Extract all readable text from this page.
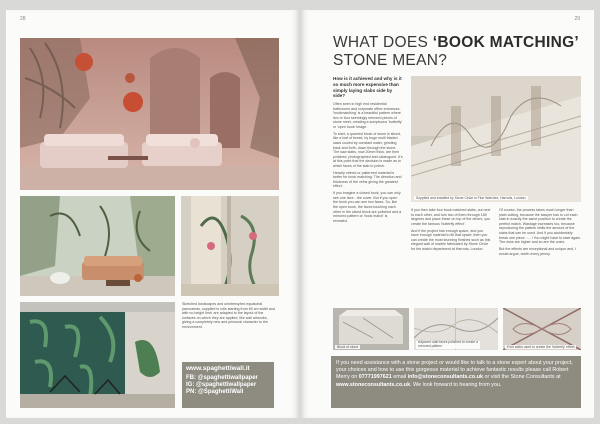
28
Sketched landscapes and uninterrupted equatorial panoramas, supplied in rolls starting from 60 cm width and with no height limit, are adapted to the layout of the surfaces on which they are applied, like wall artworks, giving a completely new and personal character to the environment.
www.spaghettiwall.it
FB: @spaghettiwallpaper
IG: @spaghettiwallpaper
PN: @SpaghettiWall
29
WHAT DOES ‘BOOK MATCHING’
STONE MEAN?
How is it achieved and why is it so much more expensive than simply laying slabs side by side?

Often seen in high end residential bathrooms and corporate office entrances, 'bookmatching' is a beautiful pattern where two or four seemingly mirrored pieces of stone meet, creating a sumptuous 'butterfly' or 'open book' image.

To start, a quarried block of stone is sliced, like a loaf of bread, by huge multi bladed saws cooled by constant water, grinding back and forth, down through the stone. The saw slabs, now 20mm thick, are then polished, photographed and catalogued. It's at this point that the decision is made as to which faces of the slab to polish.

Heavily veined or patterned material is better for book matching. The direction and thickness of the veins giving the greatest effect.

If you imagine a closed book, you can only see one face - the cover. But if you open the book you can see two faces. So, like the open book, the faces touching each other in the sliced block are polished and a mirrored pattern or 'book match' is revealed.

Supplied and installed by Stone Circle in Fine Watches, Harrods, London.

If you then take four book matched slabs, cut next to each other, and turn two of them through 180 degrees and place these on top of the others, you create the famous 'butterfly effect'.

And if the project has enough space, and you have enough material to fill that space, then you can create the most stunning finishes such as this elegant wall of marble fabricated by Stone Circle for the watch department at Harrods, London.

Of course, the process takes much longer than plain cutting, because the sawyer has to cut each slab in exactly the same position to create the perfect match. Wastage increases too, because reproducing the pattern limits the amount of the slabs that can be used. And if you accidentally break one piece ......! You might have to start again. The risks are higher and so are the costs.

But the effects are exceptional and unique and, I would argue, worth every penny.

Block of stone
Adjacent slab faces polished to create a mirrored pattern	Four slabs used to create the 'butterfly' effect
If you need assistance with a stone project or would like to talk to a stone expert about your project, your choices and how to use this gorgeous material to achieve fantastic results please call Robert Merry on 07771997621 email info@stoneconsultants.co.uk or visit the Stone Consultants at www.stoneconsultants.co.uk. We look forward to hearing from you.
